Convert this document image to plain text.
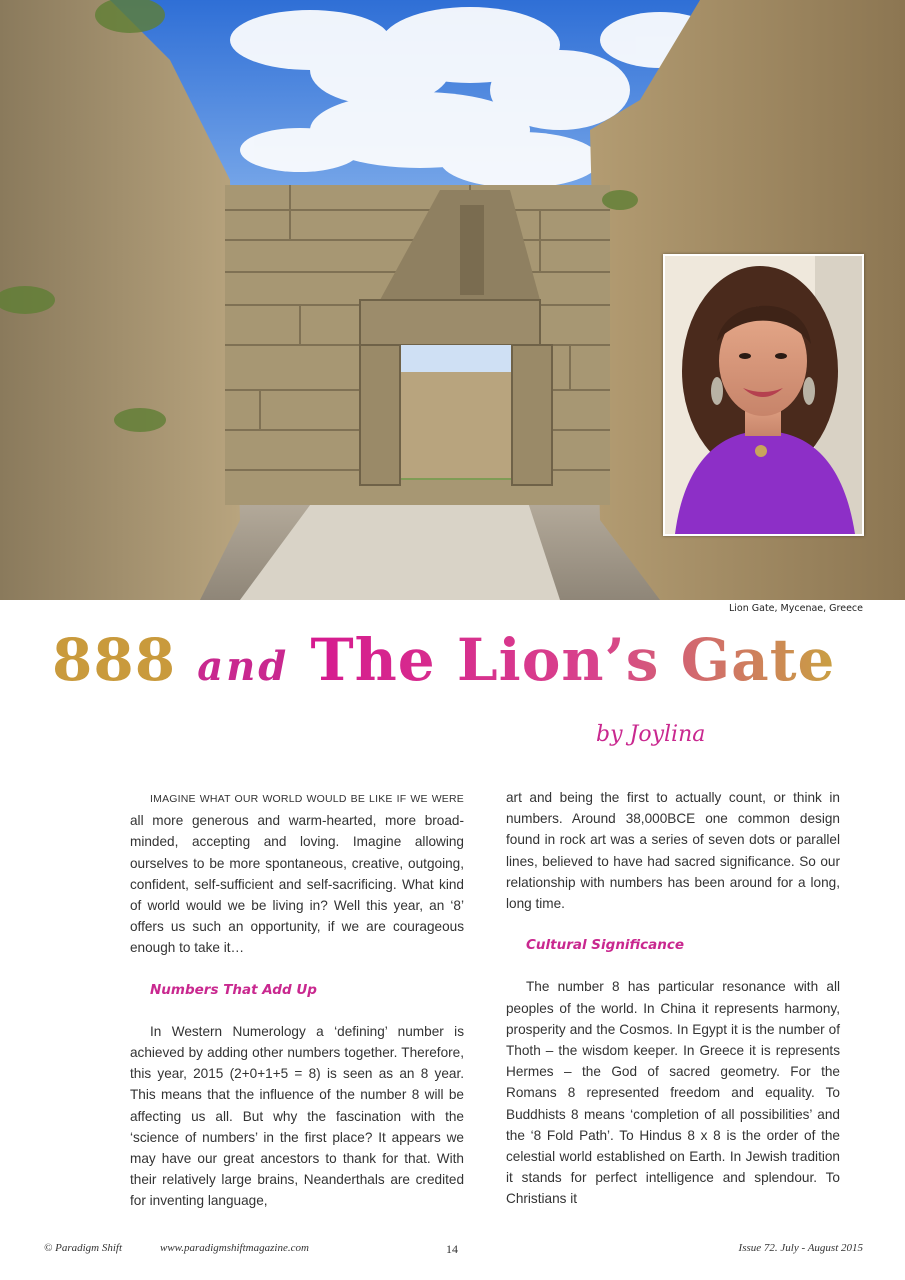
Lion Gate, Mycenae, Greece
888 and The Lion’s Gate
by Joylina

IMAGINE WHAT OUR WORLD WOULD BE LIKE IF WE WERE all more generous and warm-hearted, more broad-minded, accepting and loving. Imagine allowing ourselves to be more spontaneous, creative, outgoing, confident, self-sufficient and self-sacrificing. What kind of world would we be living in? Well this year, an ‘8’ offers us such an opportunity, if we are courageous enough to take it…

Numbers That Add Up

In Western Numerology a ‘defining’ number is achieved by adding other numbers together. Therefore, this year, 2015 (2+0+1+5 = 8) is seen as an 8 year. This means that the influence of the number 8 will be affecting us all. But why the fascination with the ‘science of numbers’ in the first place? It appears we may have our great ancestors to thank for that. With their relatively large brains, Neanderthals are credited for inventing language,

art and being the first to actually count, or think in numbers. Around 38,000BCE one common design found in rock art was a series of seven dots or parallel lines, believed to have had sacred significance. So our relationship with numbers has been around for a long, long time.

Cultural Significance

The number 8 has particular resonance with all peoples of the world. In China it represents harmony, prosperity and the Cosmos. In Egypt it is the number of Thoth – the wisdom keeper. In Greece it is represents Hermes – the God of sacred geometry. For the Romans 8 represented freedom and equality. To Buddhists 8 means ‘completion of all possibilities’ and the ‘8 Fold Path’. To Hindus 8 x 8 is the order of the celestial world established on Earth. In Jewish tradition it stands for perfect intelligence and splendour. To Christians it

© Paradigm Shift	www.paradigmshiftmagazine.com	14	Issue 72. July - August 2015
